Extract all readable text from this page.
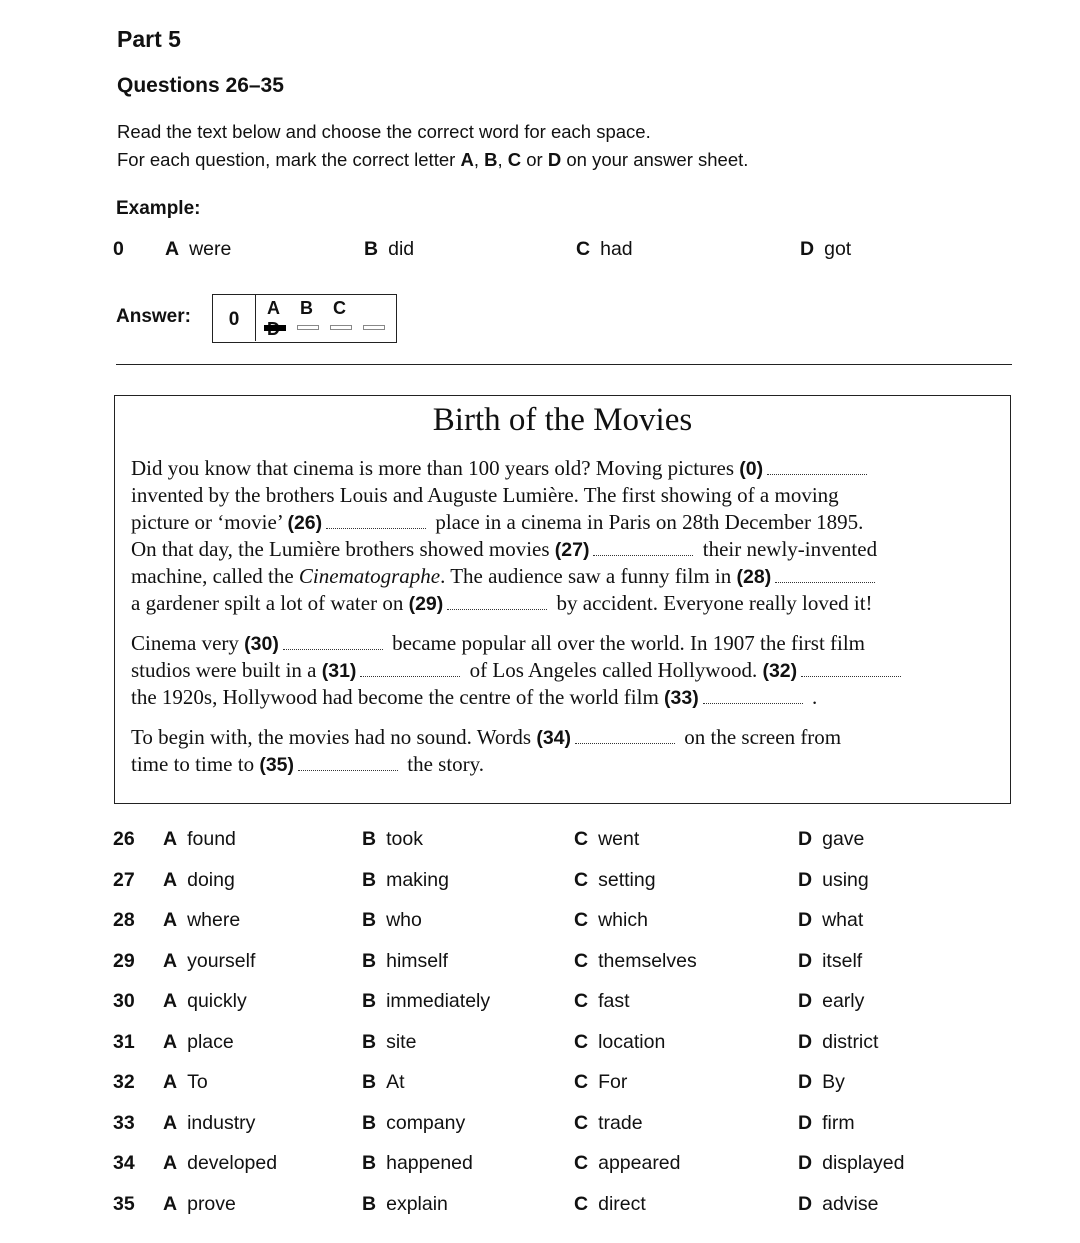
Part 5
Questions 26–35
Read the text below and choose the correct word for each space.
For each question, mark the correct letter A, B, C or D on your answer sheet.
Example:
0 A were	B did	C had	D got
Answer:	0
A B C
Birth of the Movies
Did you know that cinema is more than 100 years old? Moving pictures (0)
invented by the brothers Louis and Auguste Lumière. The first showing of a moving
picture or ‘movie’ (26)	place in a cinema in Paris on 28th December 1895.
On that day, the Lumière brothers showed movies (27)	their newly-invented
machine, called the Cinematographe. The audience saw a funny film in (28)
a gardener spilt a lot of water on (29)	by accident. Everyone really loved it!
Cinema very (30)	became popular all over the world. In 1907 the first film
studios were built in a (31)	of Los Angeles called Hollywood. (32)
the 1920s, Hollywood had become the centre of the world film (33)	.
To begin with, the movies had no sound. Words (34)	on the screen from
time to time to (35)	the story.
26 A found	B took	C went	D gave
27 A doing	B making	C setting	D using
28 A where	B who	C which	D what
29 A yourself	B himself	C themselves	D itself
30 A quickly	B immediately	C fast	D early
31 A place	B site	C location	D district
32 A To	B At	C For	D By
33 A industry	B company	C trade	D firm
34 A developed	B happened	C appeared	D displayed
35 A prove	B explain	C direct	D advise
